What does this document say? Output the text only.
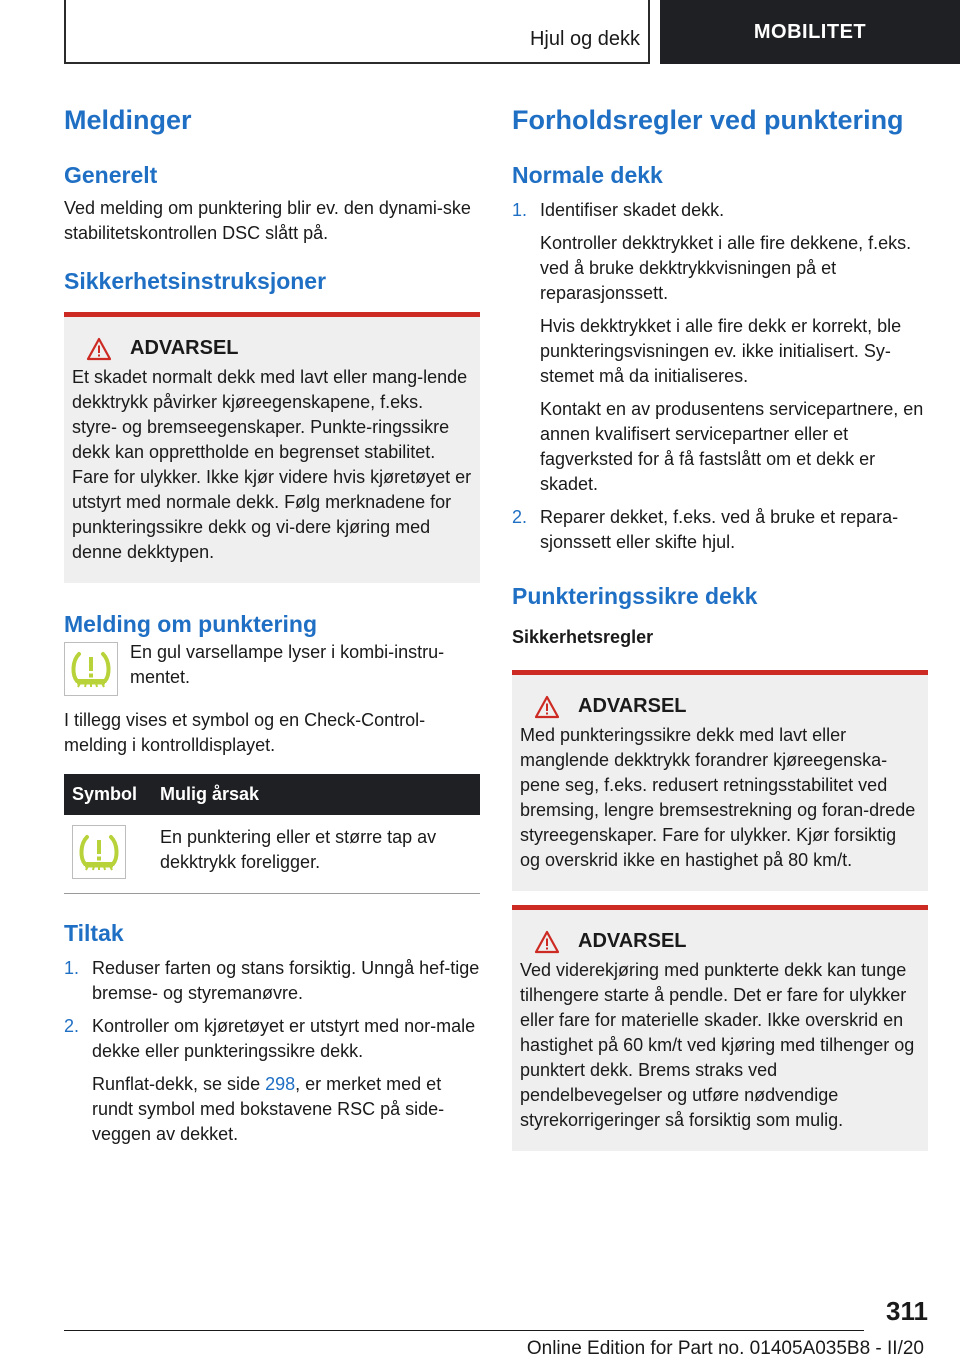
Hjul og dekk	MOBILITET
Meldinger
Generelt

Ved melding om punktering blir ev. den dynami-ske stabilitetskontrollen DSC slått på.

Sikkerhetsinstruksjoner
ADVARSEL

Et skadet normalt dekk med lavt eller mang-lende dekktrykk påvirker kjøreegenskapene, f.eks. styre- og bremseegenskaper. Punkte-ringssikre dekk kan opprettholde en begrenset stabilitet. Fare for ulykker. Ikke kjør videre hvis kjøretøyet er utstyrt med normale dekk. Følg merknadene for punkteringssikre dekk og vi-dere kjøring med denne dekktypen.

Melding om punktering

En gul varsellampe lyser i kombi-instru-mentet.

I tillegg vises et symbol og en Check-Control-melding i kontrolldisplayet.

Symbol	Mulig årsak

	En punktering eller et større tap av dekktrykk foreligger.
Tiltak
1. Reduser farten og stans forsiktig. Unngå hef-tige bremse- og styremanøvre.
2. Kontroller om kjøretøyet er utstyrt med nor-male dekke eller punkteringssikre dekk.

Runflat-dekk, se side 298, er merket med et rundt symbol med bokstavene RSC på side-veggen av dekket.

Forholdsregler ved punktering
Normale dekk
1. Identifiser skadet dekk.

Kontroller dekktrykket i alle fire dekkene, f.eks. ved å bruke dekktrykkvisningen på et reparasjonssett.

Hvis dekktrykket i alle fire dekk er korrekt, ble punkteringsvisningen ev. ikke initialisert. Sy-stemet må da initialiseres.

Kontakt en av produsentens servicepartnere, en annen kvalifisert servicepartner eller et fagverksted for å få fastslått om et dekk er skadet.

2. Reparer dekket, f.eks. ved å bruke et repara-sjonssett eller skifte hjul.

Punkteringssikre dekk
Sikkerhetsregler
ADVARSEL

Med punkteringssikre dekk med lavt eller manglende dekktrykk forandrer kjøreegenska-pene seg, f.eks. redusert retningsstabilitet ved bremsing, lengre bremsestrekning og foran-drede styreegenskaper. Fare for ulykker. Kjør forsiktig og overskrid ikke en hastighet på 80 km/t.

ADVARSEL

Ved viderekjøring med punkterte dekk kan tunge tilhengere starte å pendle. Det er fare for ulykker eller fare for materielle skader. Ikke overskrid en hastighet på 60 km/t ved kjøring med tilhenger og punktert dekk. Brems straks ved pendelbevegelser og utføre nødvendige styrekorrigeringer så forsiktig som mulig.

311
Online Edition for Part no. 01405A035B8 - II/20
